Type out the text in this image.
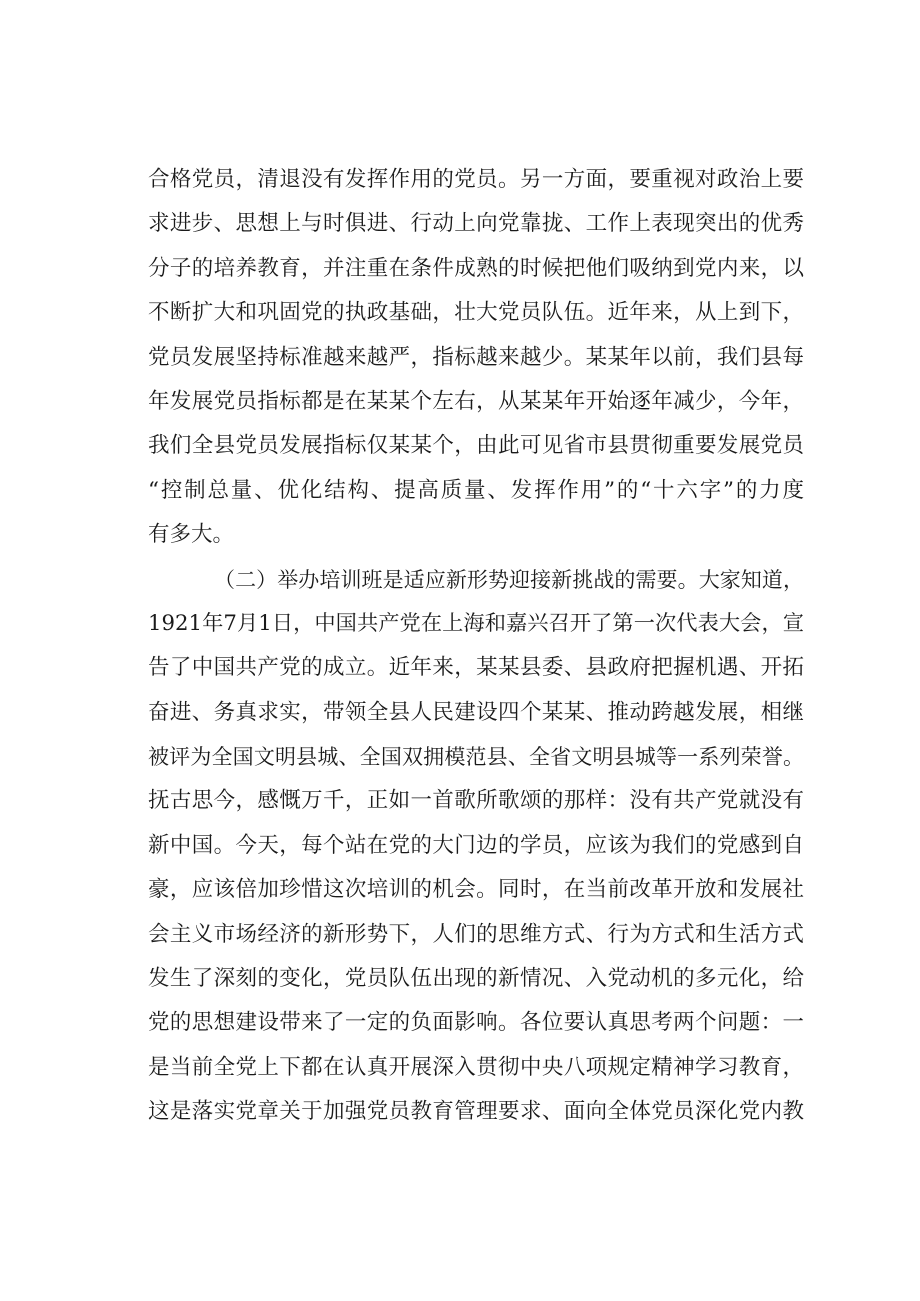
合格党员，清退没有发挥作用的党员。另一方面，要重视对政治上要
求进步、思想上与时俱进、行动上向党靠拢、工作上表现突出的优秀
分子的培养教育，并注重在条件成熟的时候把他们吸纳到党内来，以
不断扩大和巩固党的执政基础，壮大党员队伍。近年来，从上到下，
党员发展坚持标准越来越严，指标越来越少。某某年以前，我们县每
年发展党员指标都是在某某个左右，从某某年开始逐年减少，今年，
我们全县党员发展指标仅某某个，由此可见省市县贯彻重要发展党员
“控制总量、优化结构、提高质量、发挥作用”的“十六字”的力度
有多大。
（二）举办培训班是适应新形势迎接新挑战的需要。大家知道，
1921年7月1日，中国共产党在上海和嘉兴召开了第一次代表大会，宣
告了中国共产党的成立。近年来，某某县委、县政府把握机遇、开拓
奋进、务真求实，带领全县人民建设四个某某、推动跨越发展，相继
被评为全国文明县城、全国双拥模范县、全省文明县城等一系列荣誉。
抚古思今，感慨万千，正如一首歌所歌颂的那样：没有共产党就没有
新中国。今天，每个站在党的大门边的学员，应该为我们的党感到自
豪，应该倍加珍惜这次培训的机会。同时，在当前改革开放和发展社
会主义市场经济的新形势下，人们的思维方式、行为方式和生活方式
发生了深刻的变化，党员队伍出现的新情况、入党动机的多元化，给
党的思想建设带来了一定的负面影响。各位要认真思考两个问题：一
是当前全党上下都在认真开展深入贯彻中央八项规定精神学习教育，
这是落实党章关于加强党员教育管理要求、面向全体党员深化党内教
